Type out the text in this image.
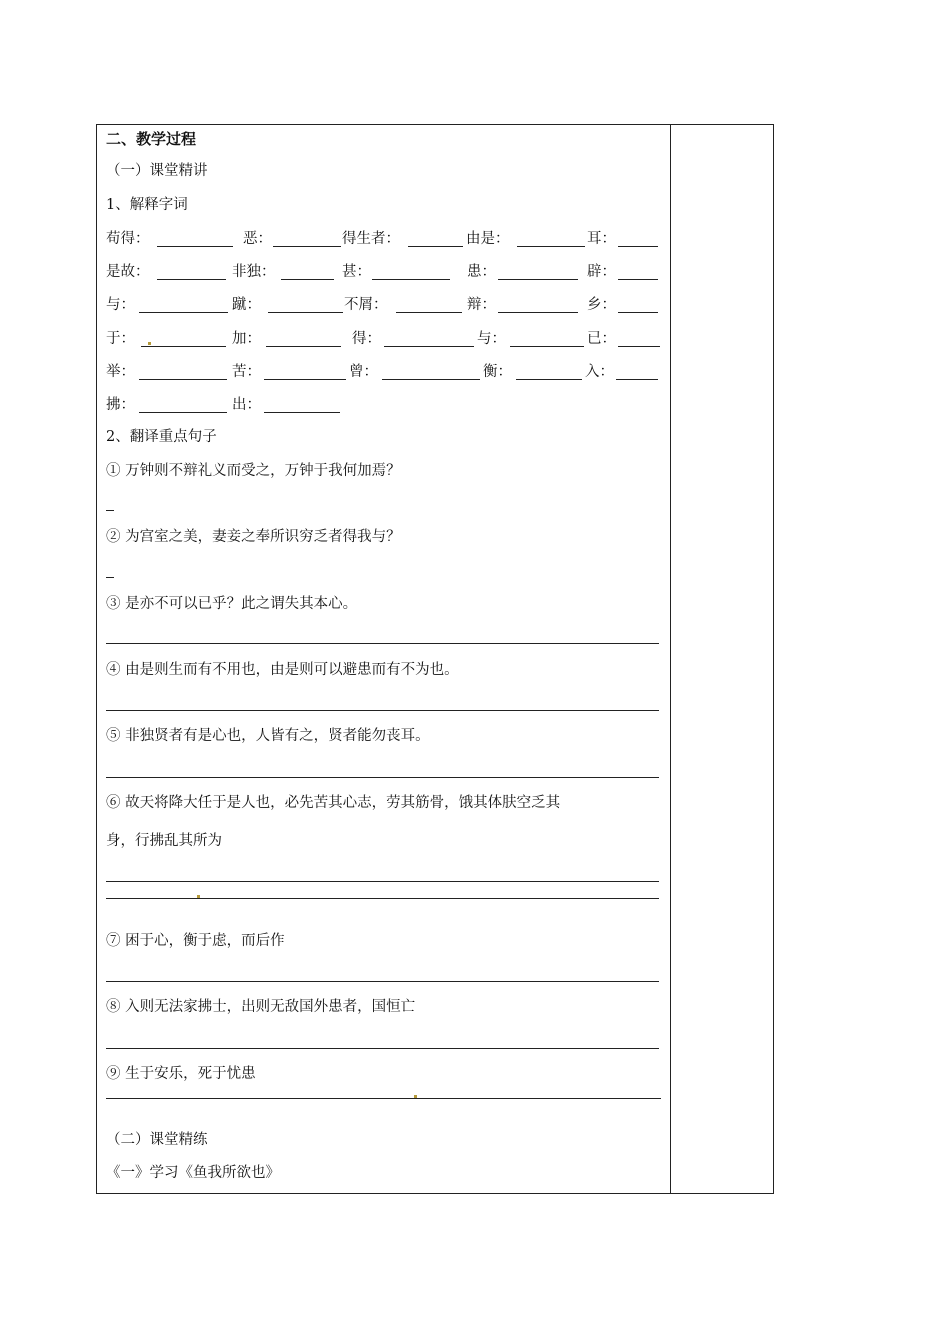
二、教学过程
（一）课堂精讲
1、解释字词
苟得：	恶：	得生者：	由是：	耳：
是故：	非独：	甚：	患：	辟：
与：	蹴：	不屑：	辩：	乡：
于：	加：	得：	与：	已：
举：	苦：	曾：	衡：	入：
拂：	出：
2、翻译重点句子
① 万钟则不辩礼义而受之，万钟于我何加焉？
② 为宫室之美，妻妾之奉所识穷乏者得我与？
③ 是亦不可以已乎？此之谓失其本心。
④ 由是则生而有不用也，由是则可以避患而有不为也。
⑤ 非独贤者有是心也，人皆有之，贤者能勿丧耳。
⑥ 故天将降大任于是人也，必先苦其心志，劳其筋骨，饿其体肤空乏其
身，行拂乱其所为
⑦ 困于心，衡于虑，而后作
⑧ 入则无法家拂士，出则无敌国外患者，国恒亡
⑨ 生于安乐，死于忧患
（二）课堂精练
《一》学习《鱼我所欲也》
